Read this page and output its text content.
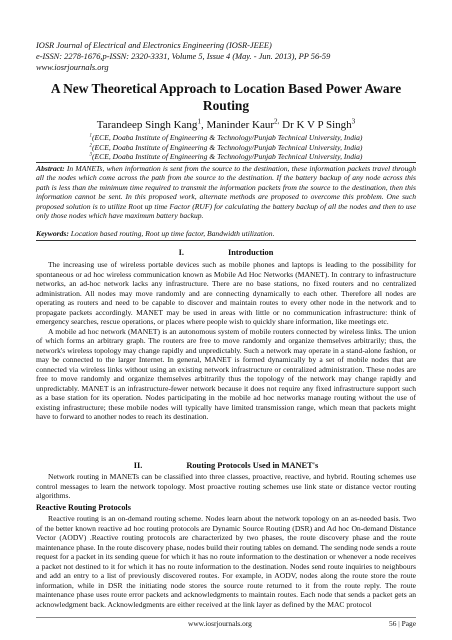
IOSR Journal of Electrical and Electronics Engineering (IOSR-JEEE)
e-ISSN: 2278-1676,p-ISSN: 2320-3331, Volume 5, Issue 4 (May. - Jun. 2013), PP 56-59
www.iosrjournals.org
A New Theoretical Approach to Location Based Power Aware Routing
Tarandeep Singh Kang$^1$, Maninder Kaur$^{2,}$ Dr K V P Singh$^3$
$^1$(ECE, Doaba Institute of Engineering & Technology/Punjab Technical University, India)
$^2$(ECE, Doaba Institute of Engineering & Technology/Punjab Technical University, India)
$^3$(ECE, Doaba Institute of Engineering & Technology/Punjab Technical University, India)
Abstract: In MANETs, when information is sent from the source to the destination, these information packets travel through all the nodes which come across the path from the source to the destination. If the battery backup of any node across this path is less than the minimum time required to transmit the information packets from the source to the destination, then this information cannot be sent. In this proposed work, alternate methods are proposed to overcome this problem. One such proposed solution is to utilize Root up time Factor (RUF) for calculating the battery backup of all the nodes and then to use only those nodes which have maximum battery backup.
Keywords: Location based routing, Root up time factor, Bandwidth utilization.
I.	Introduction

The increasing use of wireless portable devices such as mobile phones and laptops is leading to the possibility for spontaneous or ad hoc wireless communication known as Mobile Ad Hoc Networks (MANET). In contrary to infrastructure networks, an ad-hoc network lacks any infrastructure. There are no base stations, no fixed routers and no centralized administration. All nodes may move randomly and are connecting dynamically to each other. Therefore all nodes are operating as routers and need to be capable to discover and maintain routes to every other node in the network and to propagate packets accordingly. MANET may be used in areas with little or no communication infrastructure: think of emergency searches, rescue operations, or places where people wish to quickly share information, like meetings etc.

A mobile ad hoc network (MANET) is an autonomous system of mobile routers connected by wireless links. The union of which forms an arbitrary graph. The routers are free to move randomly and organize themselves arbitrarily; thus, the network's wireless topology may change rapidly and unpredictably. Such a network may operate in a stand-alone fashion, or may be connected to the larger Internet. In general, MANET is formed dynamically by a set of mobile nodes that are connected via wireless links without using an existing network infrastructure or centralized administration. These nodes are free to move randomly and organize themselves arbitrarily thus the topology of the network may change rapidly and unpredictably. MANET is an infrastructure-fewer network because it does not require any fixed infrastructure support such as a base station for its operation. Nodes participating in the mobile ad hoc networks manage routing without the use of existing infrastructure; these mobile nodes will typically have limited transmission range, which mean that packets might have to forward to another nodes to reach its destination.

II.	Routing Protocols Used in MANET's

Network routing in MANETs can be classified into three classes, proactive, reactive, and hybrid. Routing schemes use control messages to learn the network topology. Most proactive routing schemes use link state or distance vector routing algorithms.

Reactive Routing Protocols

Reactive routing is an on-demand routing scheme. Nodes learn about the network topology on an as-needed basis. Two of the better known reactive ad hoc routing protocols are Dynamic Source Routing (DSR) and Ad hoc On-demand Distance Vector (AODV) .Reactive routing protocols are characterized by two phases, the route discovery phase and the route maintenance phase. In the route discovery phase, nodes build their routing tables on demand. The sending node sends a route request for a packet in its sending queue for which it has no route information to the destination or whenever a node receives a packet not destined to it for which it has no route information to the destination. Nodes send route inquiries to neighbours and add an entry to a list of previously discovered routes. For example, in AODV, nodes along the route store the route information, while in DSR the initiating node stores the source route returned to it from the route reply. The route maintenance phase uses route error packets and acknowledgments to maintain routes. Each node that sends a packet gets an acknowledgment back. Acknowledgments are either received at the link layer as defined by the MAC protocol

www.iosrjournals.org	56 | Page
